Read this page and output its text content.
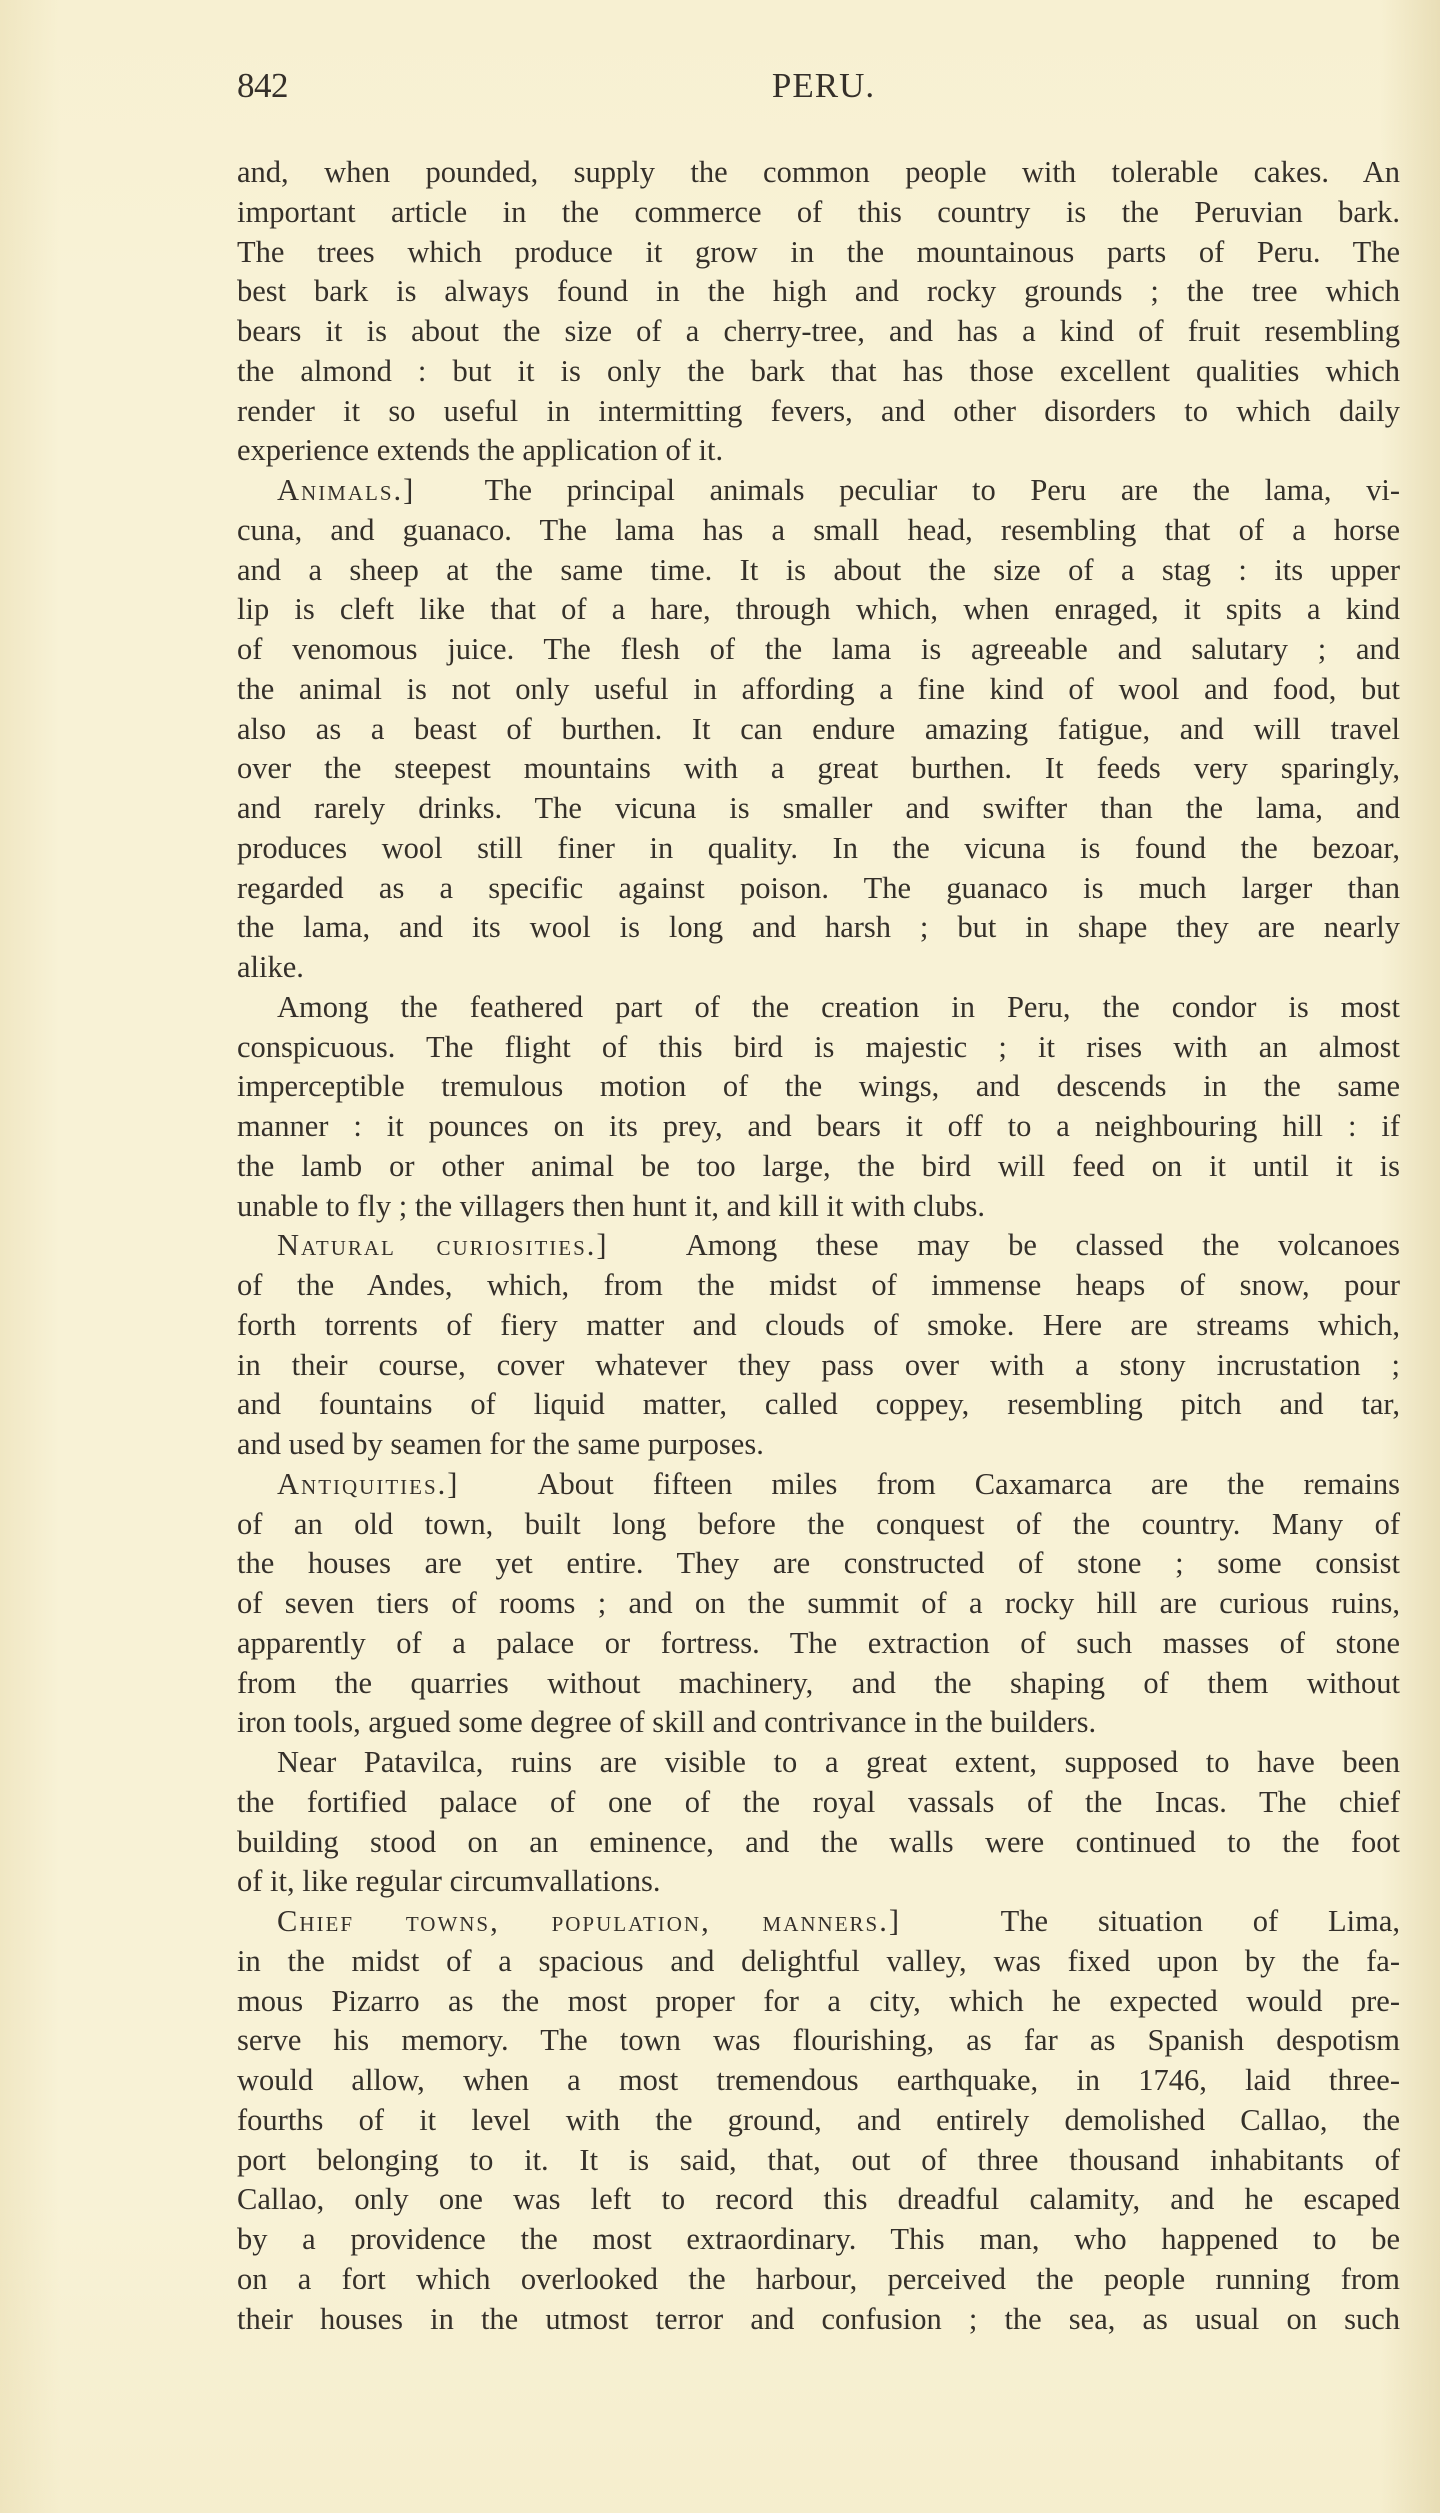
842	PERU.
and, when pounded, supply the common people with tolerable cakes. An
important article in the commerce of this country is the Peruvian bark.
The trees which produce it grow in the mountainous parts of Peru. The
best bark is always found in the high and rocky grounds ; the tree which
bears it is about the size of a cherry-tree, and has a kind of fruit resembling
the almond : but it is only the bark that has those excellent qualities which
render it so useful in intermitting fevers, and other disorders to which daily
experience extends the application of it.
Animals.] The principal animals peculiar to Peru are the lama, vi-
cuna, and guanaco. The lama has a small head, resembling that of a horse
and a sheep at the same time. It is about the size of a stag : its upper
lip is cleft like that of a hare, through which, when enraged, it spits a kind
of venomous juice. The flesh of the lama is agreeable and salutary ; and
the animal is not only useful in affording a fine kind of wool and food, but
also as a beast of burthen. It can endure amazing fatigue, and will travel
over the steepest mountains with a great burthen. It feeds very sparingly,
and rarely drinks. The vicuna is smaller and swifter than the lama, and
produces wool still finer in quality. In the vicuna is found the bezoar,
regarded as a specific against poison. The guanaco is much larger than
the lama, and its wool is long and harsh ; but in shape they are nearly
alike.
Among the feathered part of the creation in Peru, the condor is most
conspicuous. The flight of this bird is majestic ; it rises with an almost
imperceptible tremulous motion of the wings, and descends in the same
manner : it pounces on its prey, and bears it off to a neighbouring hill : if
the lamb or other animal be too large, the bird will feed on it until it is
unable to fly ; the villagers then hunt it, and kill it with clubs.
Natural curiosities.]	Among these may be classed the volcanoes
of the Andes, which, from the midst of immense heaps of snow, pour
forth torrents of fiery matter and clouds of smoke. Here are streams which,
in their course, cover whatever they pass over with a stony incrustation ;
and fountains of liquid matter, called coppey, resembling pitch and tar,
and used by seamen for the same purposes.
Antiquities.]	About fifteen miles from Caxamarca are the remains
of an old town, built long before the conquest of the country. Many of
the houses are yet entire. They are constructed of stone ; some consist
of seven tiers of rooms ; and on the summit of a rocky hill are curious ruins,
apparently of a palace or fortress. The extraction of such masses of stone
from the quarries without machinery, and the shaping of them without
iron tools, argued some degree of skill and contrivance in the builders.
Near Patavilca, ruins are visible to a great extent, supposed to have been
the fortified palace of one of the royal vassals of the Incas. The chief
building stood on an eminence, and the walls were continued to the foot
of it, like regular circumvallations.
Chief towns, population, manners.]	The situation of Lima,
in the midst of a spacious and delightful valley, was fixed upon by the fa-
mous Pizarro as the most proper for a city, which he expected would pre-
serve his memory. The town was flourishing, as far as Spanish despotism
would allow, when a most tremendous earthquake, in 1746, laid three-
fourths of it level with the ground, and entirely demolished Callao, the
port belonging to it. It is said, that, out of three thousand inhabitants of
Callao, only one was left to record this dreadful calamity, and he escaped
by a providence the most extraordinary. This man, who happened to be
on a fort which overlooked the harbour, perceived the people running from
their houses in the utmost terror and confusion ; the sea, as usual on such
